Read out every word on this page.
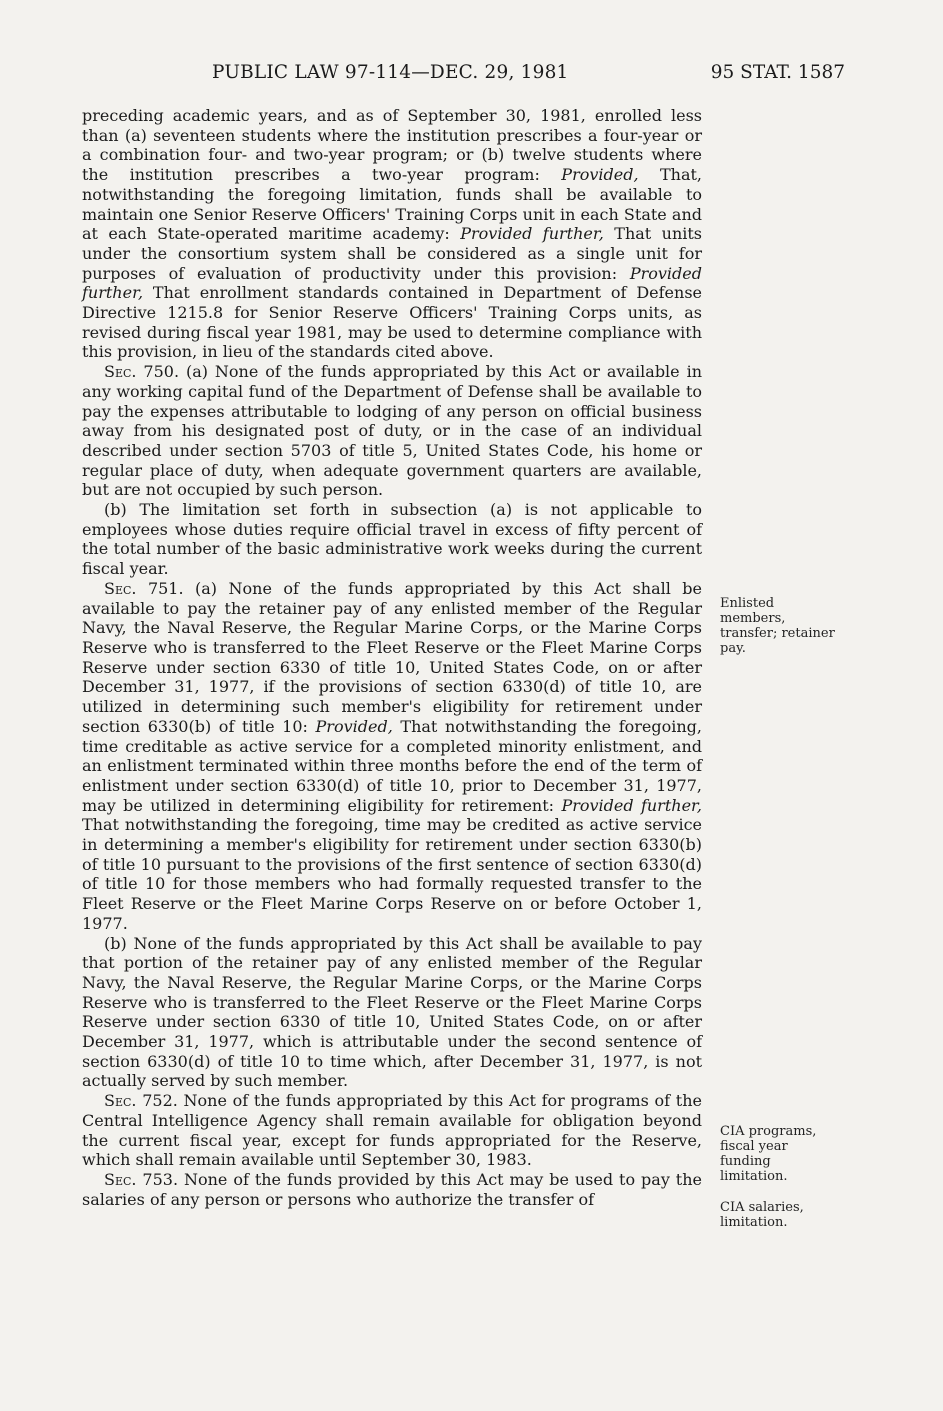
PUBLIC LAW 97-114—DEC. 29, 1981	95 STAT. 1587

preceding academic years, and as of September 30, 1981, enrolled less than (a) seventeen students where the institution prescribes a four-year or a combination four- and two-year program; or (b) twelve students where the institution prescribes a two-year program: Provided, That, notwithstanding the foregoing limitation, funds shall be available to maintain one Senior Reserve Officers' Training Corps unit in each State and at each State-operated maritime academy: Provided further, That units under the consortium system shall be considered as a single unit for purposes of evaluation of productivity under this provision: Provided further, That enrollment standards contained in Department of Defense Directive 1215.8 for Senior Reserve Officers' Training Corps units, as revised during fiscal year 1981, may be used to determine compliance with this provision, in lieu of the standards cited above.

Sec. 750. (a) None of the funds appropriated by this Act or available in any working capital fund of the Department of Defense shall be available to pay the expenses attributable to lodging of any person on official business away from his designated post of duty, or in the case of an individual described under section 5703 of title 5, United States Code, his home or regular place of duty, when adequate government quarters are available, but are not occupied by such person.

(b) The limitation set forth in subsection (a) is not applicable to employees whose duties require official travel in excess of fifty percent of the total number of the basic administrative work weeks during the current fiscal year.

Sec. 751. (a) None of the funds appropriated by this Act shall be available to pay the retainer pay of any enlisted member of the Regular Navy, the Naval Reserve, the Regular Marine Corps, or the Marine Corps Reserve who is transferred to the Fleet Reserve or the Fleet Marine Corps Reserve under section 6330 of title 10, United States Code, on or after December 31, 1977, if the provisions of section 6330(d) of title 10, are utilized in determining such member's eligibility for retirement under section 6330(b) of title 10: Provided, That notwithstanding the foregoing, time creditable as active service for a completed minority enlistment, and an enlistment terminated within three months before the end of the term of enlistment under section 6330(d) of title 10, prior to December 31, 1977, may be utilized in determining eligibility for retirement: Provided further, That notwithstanding the foregoing, time may be credited as active service in determining a member's eligibility for retirement under section 6330(b) of title 10 pursuant to the provisions of the first sentence of section 6330(d) of title 10 for those members who had formally requested transfer to the Fleet Reserve or the Fleet Marine Corps Reserve on or before October 1, 1977.

(b) None of the funds appropriated by this Act shall be available to pay that portion of the retainer pay of any enlisted member of the Regular Navy, the Naval Reserve, the Regular Marine Corps, or the Marine Corps Reserve who is transferred to the Fleet Reserve or the Fleet Marine Corps Reserve under section 6330 of title 10, United States Code, on or after December 31, 1977, which is attributable under the second sentence of section 6330(d) of title 10 to time which, after December 31, 1977, is not actually served by such member.

Sec. 752. None of the funds appropriated by this Act for programs of the Central Intelligence Agency shall remain available for obligation beyond the current fiscal year, except for funds appropriated for the Reserve, which shall remain available until September 30, 1983.

Sec. 753. None of the funds provided by this Act may be used to pay the salaries of any person or persons who authorize the transfer of

Enlisted members, transfer; retainer pay.
CIA programs, fiscal year funding limitation.
CIA salaries, limitation.
